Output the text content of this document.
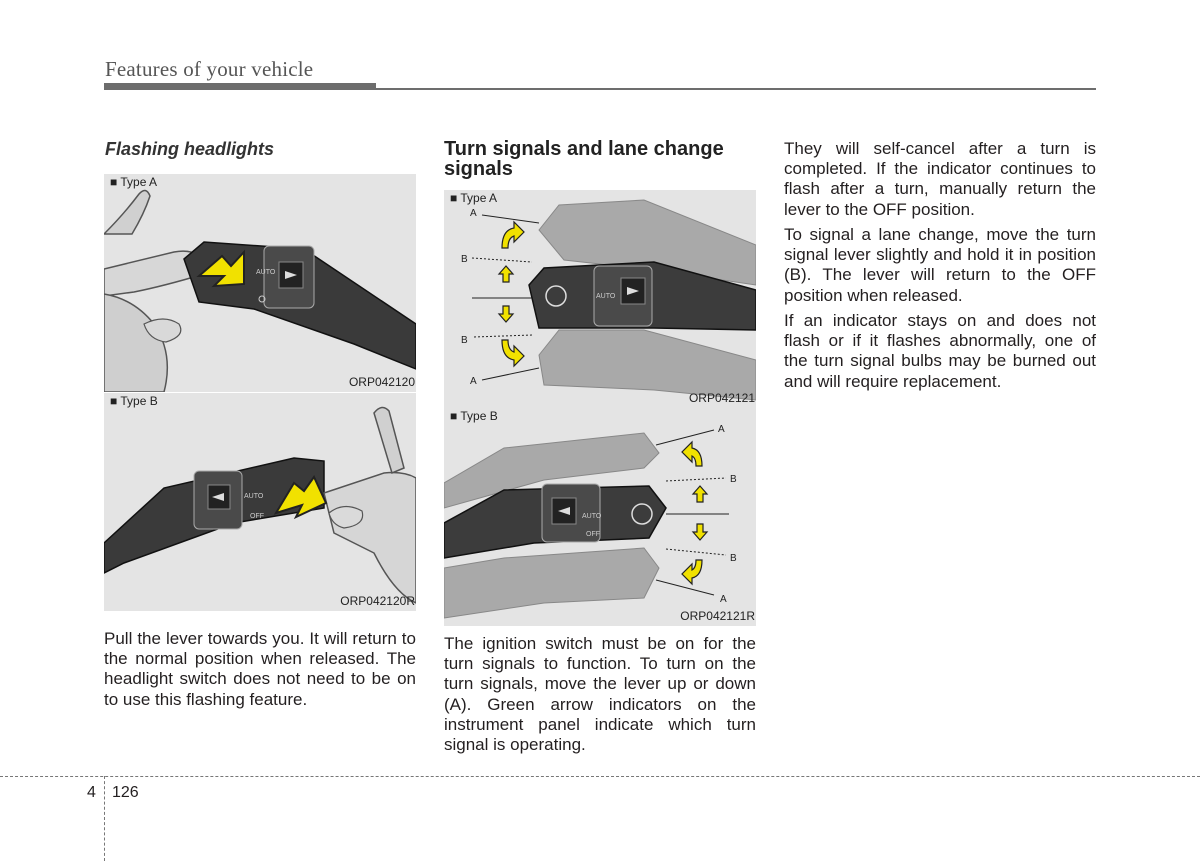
Features of your vehicle
Flashing headlights
■ Type A
AUTO
ORP042120
■ Type B
AUTO
OFF
ORP042120R
Pull the lever towards you. It will return to the normal position when released. The headlight switch does not need to be on to use this flashing feature.
Turn signals and lane change signals
■ Type A
AUTO
A
B
B
A
ORP042121
■ Type B
AUTO
OFF
A
B
B
A
ORP042121R
The ignition switch must be on for the turn signals to function. To turn on the turn signals, move the lever up or down (A). Green arrow indicators on the instrument panel indicate which turn signal is operating.
They will self-cancel after a turn is completed. If the indicator continues to flash after a turn, manually return the lever to the OFF position.
To signal a lane change, move the turn signal lever slightly and hold it in position (B). The lever will return to the OFF position when released.
If an indicator stays on and does not flash or if it flashes abnormally, one of the turn signal bulbs may be burned out and will require replacement.
4 126
